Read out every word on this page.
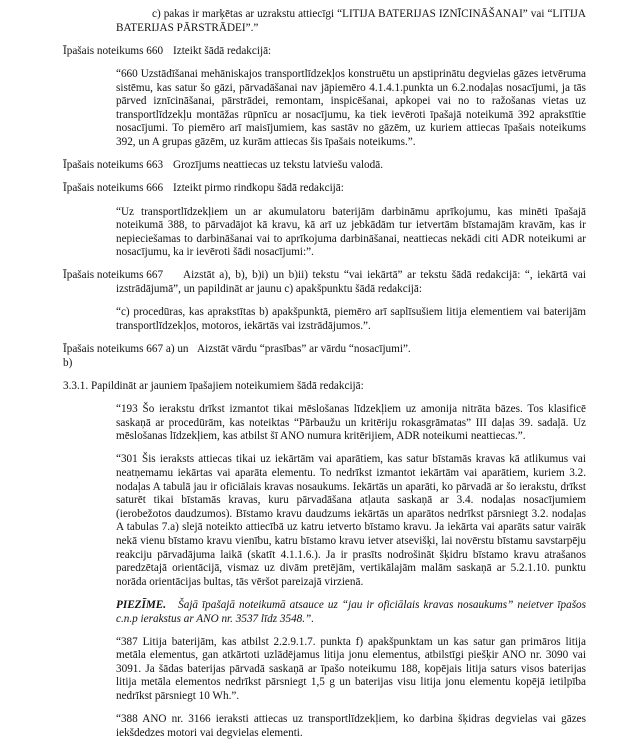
c) pakas ir marķētas ar uzrakstu attiecīgi “LITIJA BATERIJAS IZNĪCINĀŠANAI” vai “LITIJA BATERIJAS PĀRSTRĀDEI”.”

Īpašais noteikums 660 Izteikt šādā redakcijā:

“660 Uzstādīšanai mehāniskajos transportlīdzekļos konstruētu un apstiprinātu degvielas gāzes ietvēruma sistēmu, kas satur šo gāzi, pārvadāšanai nav jāpiemēro 4.1.4.1.punkta un 6.2.nodaļas nosacījumi, ja tās pārved iznīcināšanai, pārstrādei, remontam, inspicēšanai, apkopei vai no to ražošanas vietas uz transportlīdzekļu montāžas rūpnīcu ar nosacījumu, ka tiek ievēroti īpašajā noteikumā 392 aprakstītie nosacījumi. To piemēro arī maisījumiem, kas sastāv no gāzēm, uz kuriem attiecas īpašais noteikums 392, un A grupas gāzēm, uz kurām attiecas šis īpašais noteikums.”.

Īpašais noteikums 663 Grozījums neattiecas uz tekstu latviešu valodā.
Īpašais noteikums 666 Izteikt pirmo rindkopu šādā redakcijā:

“Uz transportlīdzekļiem un ar akumulatoru baterijām darbināmu aprīkojumu, kas minēti īpašajā noteikumā 388, to pārvadājot kā kravu, kā arī uz jebkādām tur ietvertām bīstamajām kravām, kas ir nepieciešamas to darbināšanai vai to aprīkojuma darbināšanai, neattiecas nekādi citi ADR noteikumi ar nosacījumu, ka ir ievēroti šādi nosacījumi:”.

Īpašais noteikums 667 Aizstāt a), b), b)i) un b)ii) tekstu “vai iekārtā” ar tekstu šādā redakcijā: “, iekārtā vai izstrādājumā”, un papildināt ar jaunu c) apakšpunktu šādā redakcijā:

“c) procedūras, kas aprakstītas b) apakšpunktā, piemēro arī saplīsušiem litija elementiem vai baterijām transportlīdzekļos, motoros, iekārtās vai izstrādājumos.”.

Īpašais noteikums 667 a) un b)
Aizstāt vārdu “prasības” ar vārdu “nosacījumi”.

3.3.1. Papildināt ar jauniem īpašajiem noteikumiem šādā redakcijā:

“193 Šo ierakstu drīkst izmantot tikai mēslošanas līdzekļiem uz amonija nitrāta bāzes. Tos klasificē saskaņā ar procedūrām, kas noteiktas “Pārbaužu un kritēriju rokasgrāmatas” III daļas 39. sadaļā. Uz mēslošanas līdzekļiem, kas atbilst šī ANO numura kritērijiem, ADR noteikumi neattiecas.”.

“301 Šis ieraksts attiecas tikai uz iekārtām vai aparātiem, kas satur bīstamās kravas kā atlikumus vai neatņemamu iekārtas vai aparāta elementu. To nedrīkst izmantot iekārtām vai aparātiem, kuriem 3.2. nodaļas A tabulā jau ir oficiālais kravas nosaukums. Iekārtās un aparāti, ko pārvadā ar šo ierakstu, drīkst saturēt tikai bīstamās kravas, kuru pārvadāšana atļauta saskaņā ar 3.4. nodaļas nosacījumiem (ierobežotos daudzumos). Bīstamo kravu daudzums iekārtās un aparātos nedrīkst pārsniegt 3.2. nodaļas A tabulas 7.a) slejā noteikto attiecībā uz katru ietverto bīstamo kravu. Ja iekārta vai aparāts satur vairāk nekā vienu bīstamo kravu vienību, katru bīstamo kravu ietver atsevišķi, lai novērstu bīstamu savstarpēju reakciju pārvadājuma laikā (skatīt 4.1.1.6.). Ja ir prasīts nodrošināt šķidru bīstamo kravu atrašanos paredzētajā orientācijā, vismaz uz divām pretējām, vertikālajām malām saskaņā ar 5.2.1.10. punktu norāda orientācijas bultas, tās vēršot pareizajā virzienā.

PIEZĪME. Šajā īpašajā noteikumā atsauce uz “jau ir oficiālais kravas nosaukums” neietver īpašos c.n.p ierakstus ar ANO nr. 3537 līdz 3548.”.

“387 Litija baterijām, kas atbilst 2.2.9.1.7. punkta f) apakšpunktam un kas satur gan primāros litija metāla elementus, gan atkārtoti uzlādējamus litija jonu elementus, atbilstīgi piešķir ANO nr. 3090 vai 3091. Ja šādas baterijas pārvadā saskaņā ar īpašo noteikumu 188, kopējais litija saturs visos baterijas litija metāla elementos nedrīkst pārsniegt 1,5 g un baterijas visu litija jonu elementu kopējā ietilpība nedrīkst pārsniegt 10 Wh.”.

“388 ANO nr. 3166 ieraksti attiecas uz transportlīdzekļiem, ko darbina šķidras degvielas vai gāzes iekšdedzes motori vai degvielas elementi.
